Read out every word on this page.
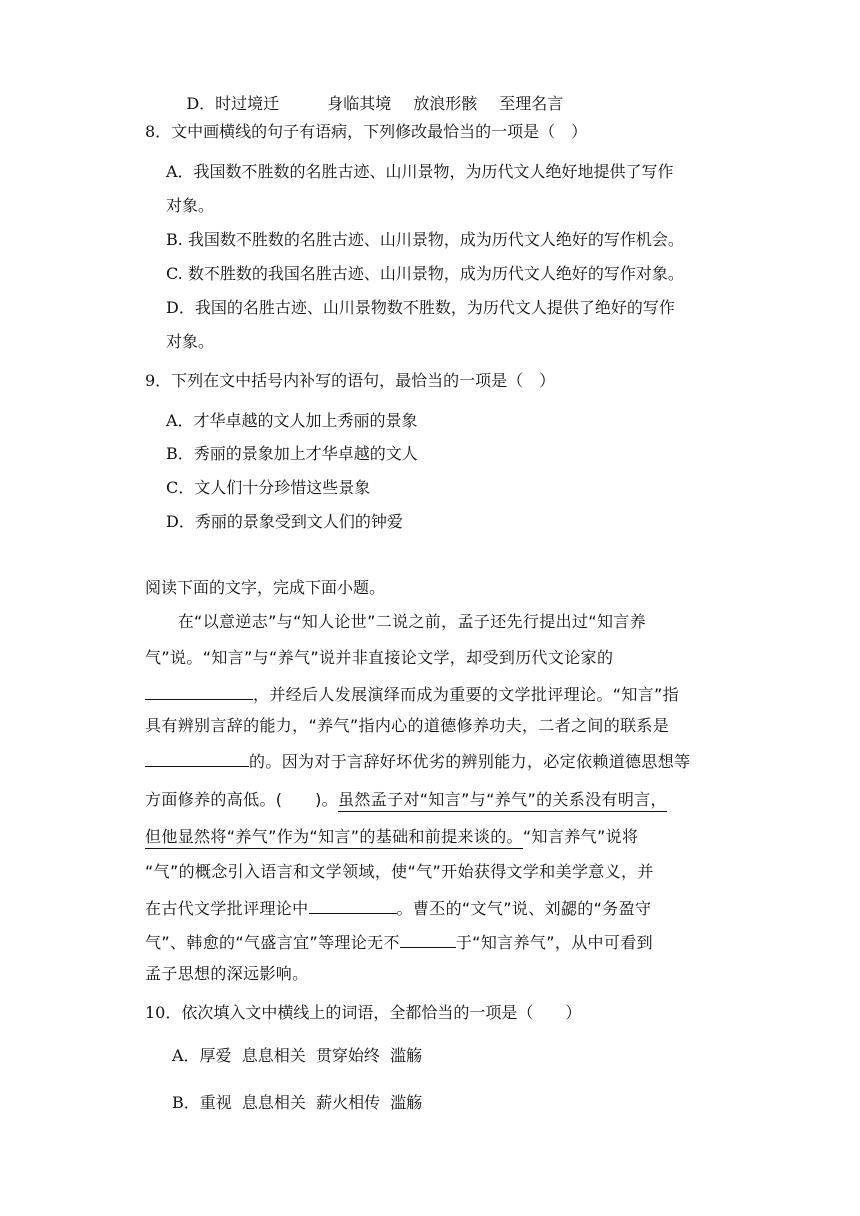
D．时过境迁	身临其境 放浪形骸 至理名言

8．文中画横线的句子有语病，下列修改最恰当的一项是（　）
A．我国数不胜数的名胜古迹、山川景物，为历代文人绝好地提供了写作
对象。
B. 我国数不胜数的名胜古迹、山川景物，成为历代文人绝好的写作机会。
C. 数不胜数的我国名胜古迹、山川景物，成为历代文人绝好的写作对象。
D．我国的名胜古迹、山川景物数不胜数，为历代文人提供了绝好的写作
对象。
9．下列在文中括号内补写的语句，最恰当的一项是（　）
A．才华卓越的文人加上秀丽的景象
B．秀丽的景象加上才华卓越的文人
C．文人们十分珍惜这些景象
D．秀丽的景象受到文人们的钟爱
阅读下面的文字，完成下面小题。
　　在“以意逆志”与“知人论世”二说之前，孟子还先行提出过“知言养
气”说。“知言”与“养气”说并非直接论文学，却受到历代文论家的
，并经后人发展演绎而成为重要的文学批评理论。“知言”指
具有辨别言辞的能力，“养气”指内心的道德修养功夫，二者之间的联系是
的。因为对于言辞好坏优劣的辨别能力，必定依赖道德思想等
方面修养的高低。(　　)。虽然孟子对“知言”与“养气”的关系没有明言，
但他显然将“养气”作为“知言”的基础和前提来谈的。“知言养气”说将
“气”的概念引入语言和文学领域，使“气”开始获得文学和美学意义，并
在古代文学批评理论中	。曹丕的“文气”说、刘勰的“务盈守
气”、韩愈的“气盛言宜”等理论无不	于“知言养气”，从中可看到
孟子思想的深远影响。
10．依次填入文中横线上的词语，全都恰当的一项是（　　）
A．厚爱  息息相关  贯穿始终  滥觞
B．重视  息息相关  薪火相传  滥觞
